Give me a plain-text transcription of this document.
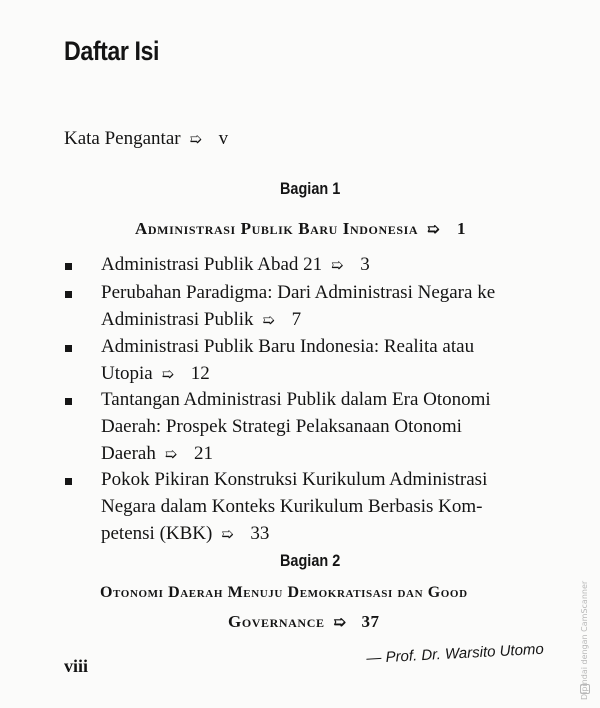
Daftar Isi
Kata Pengantar ➯ v
Bagian 1
Administrasi Publik Baru Indonesia ➯ 1
Administrasi Publik Abad 21 ➯ 3
Perubahan Paradigma: Dari Administrasi Negara ke
Administrasi Publik ➯ 7
Administrasi Publik Baru Indonesia: Realita atau
Utopia ➯ 12
Tantangan Administrasi Publik dalam Era Otonomi
Daerah: Prospek Strategi Pelaksanaan Otonomi
Daerah ➯ 21
Pokok Pikiran Konstruksi Kurikulum Administrasi
Negara dalam Konteks Kurikulum Berbasis Kom-
petensi (KBK) ➯ 33
Bagian 2
Otonomi Daerah Menuju Demokratisasi dan Good
Governance ➯ 37
viii	— Prof. Dr. Warsito Utomo	Dipindai dengan CamScanner
